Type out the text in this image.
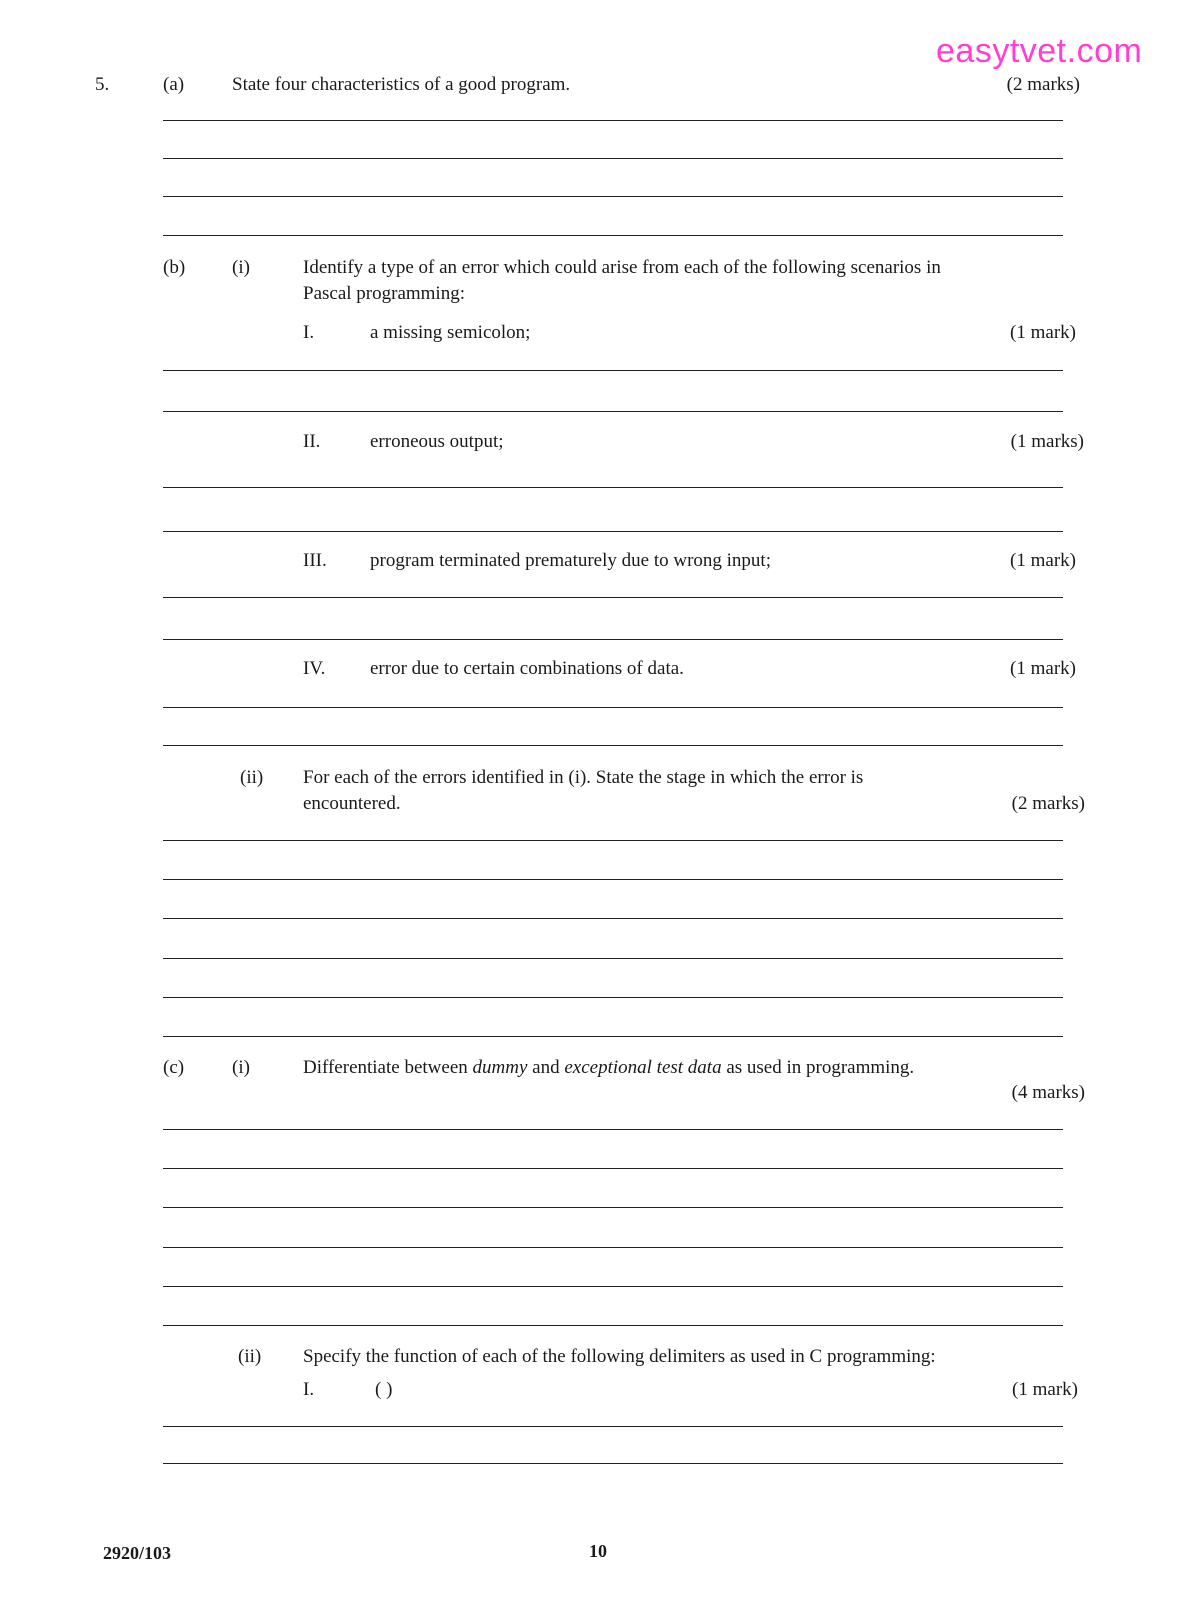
easytvet.com
5.	(a)	State four characteristics of a good program.	(2 marks)
(b) (i)	Identify a type of an error which could arise from each of the following scenarios in
Pascal programming:
I.	a missing semicolon;	(1 mark)
II.	erroneous output;	(1 marks)
III. program terminated prematurely due to wrong input;	(1 mark)
IV. error due to certain combinations of data.	(1 mark)
(ii) For each of the errors identified in (i). State the stage in which the error is
encountered.	(2 marks)
(c)	(i)	Differentiate between dummy and exceptional test data as used in programming.
(4 marks)
(ii) Specify the function of each of the following delimiters as used in C programming:
I.	( )	(1 mark)
2920/103	10
